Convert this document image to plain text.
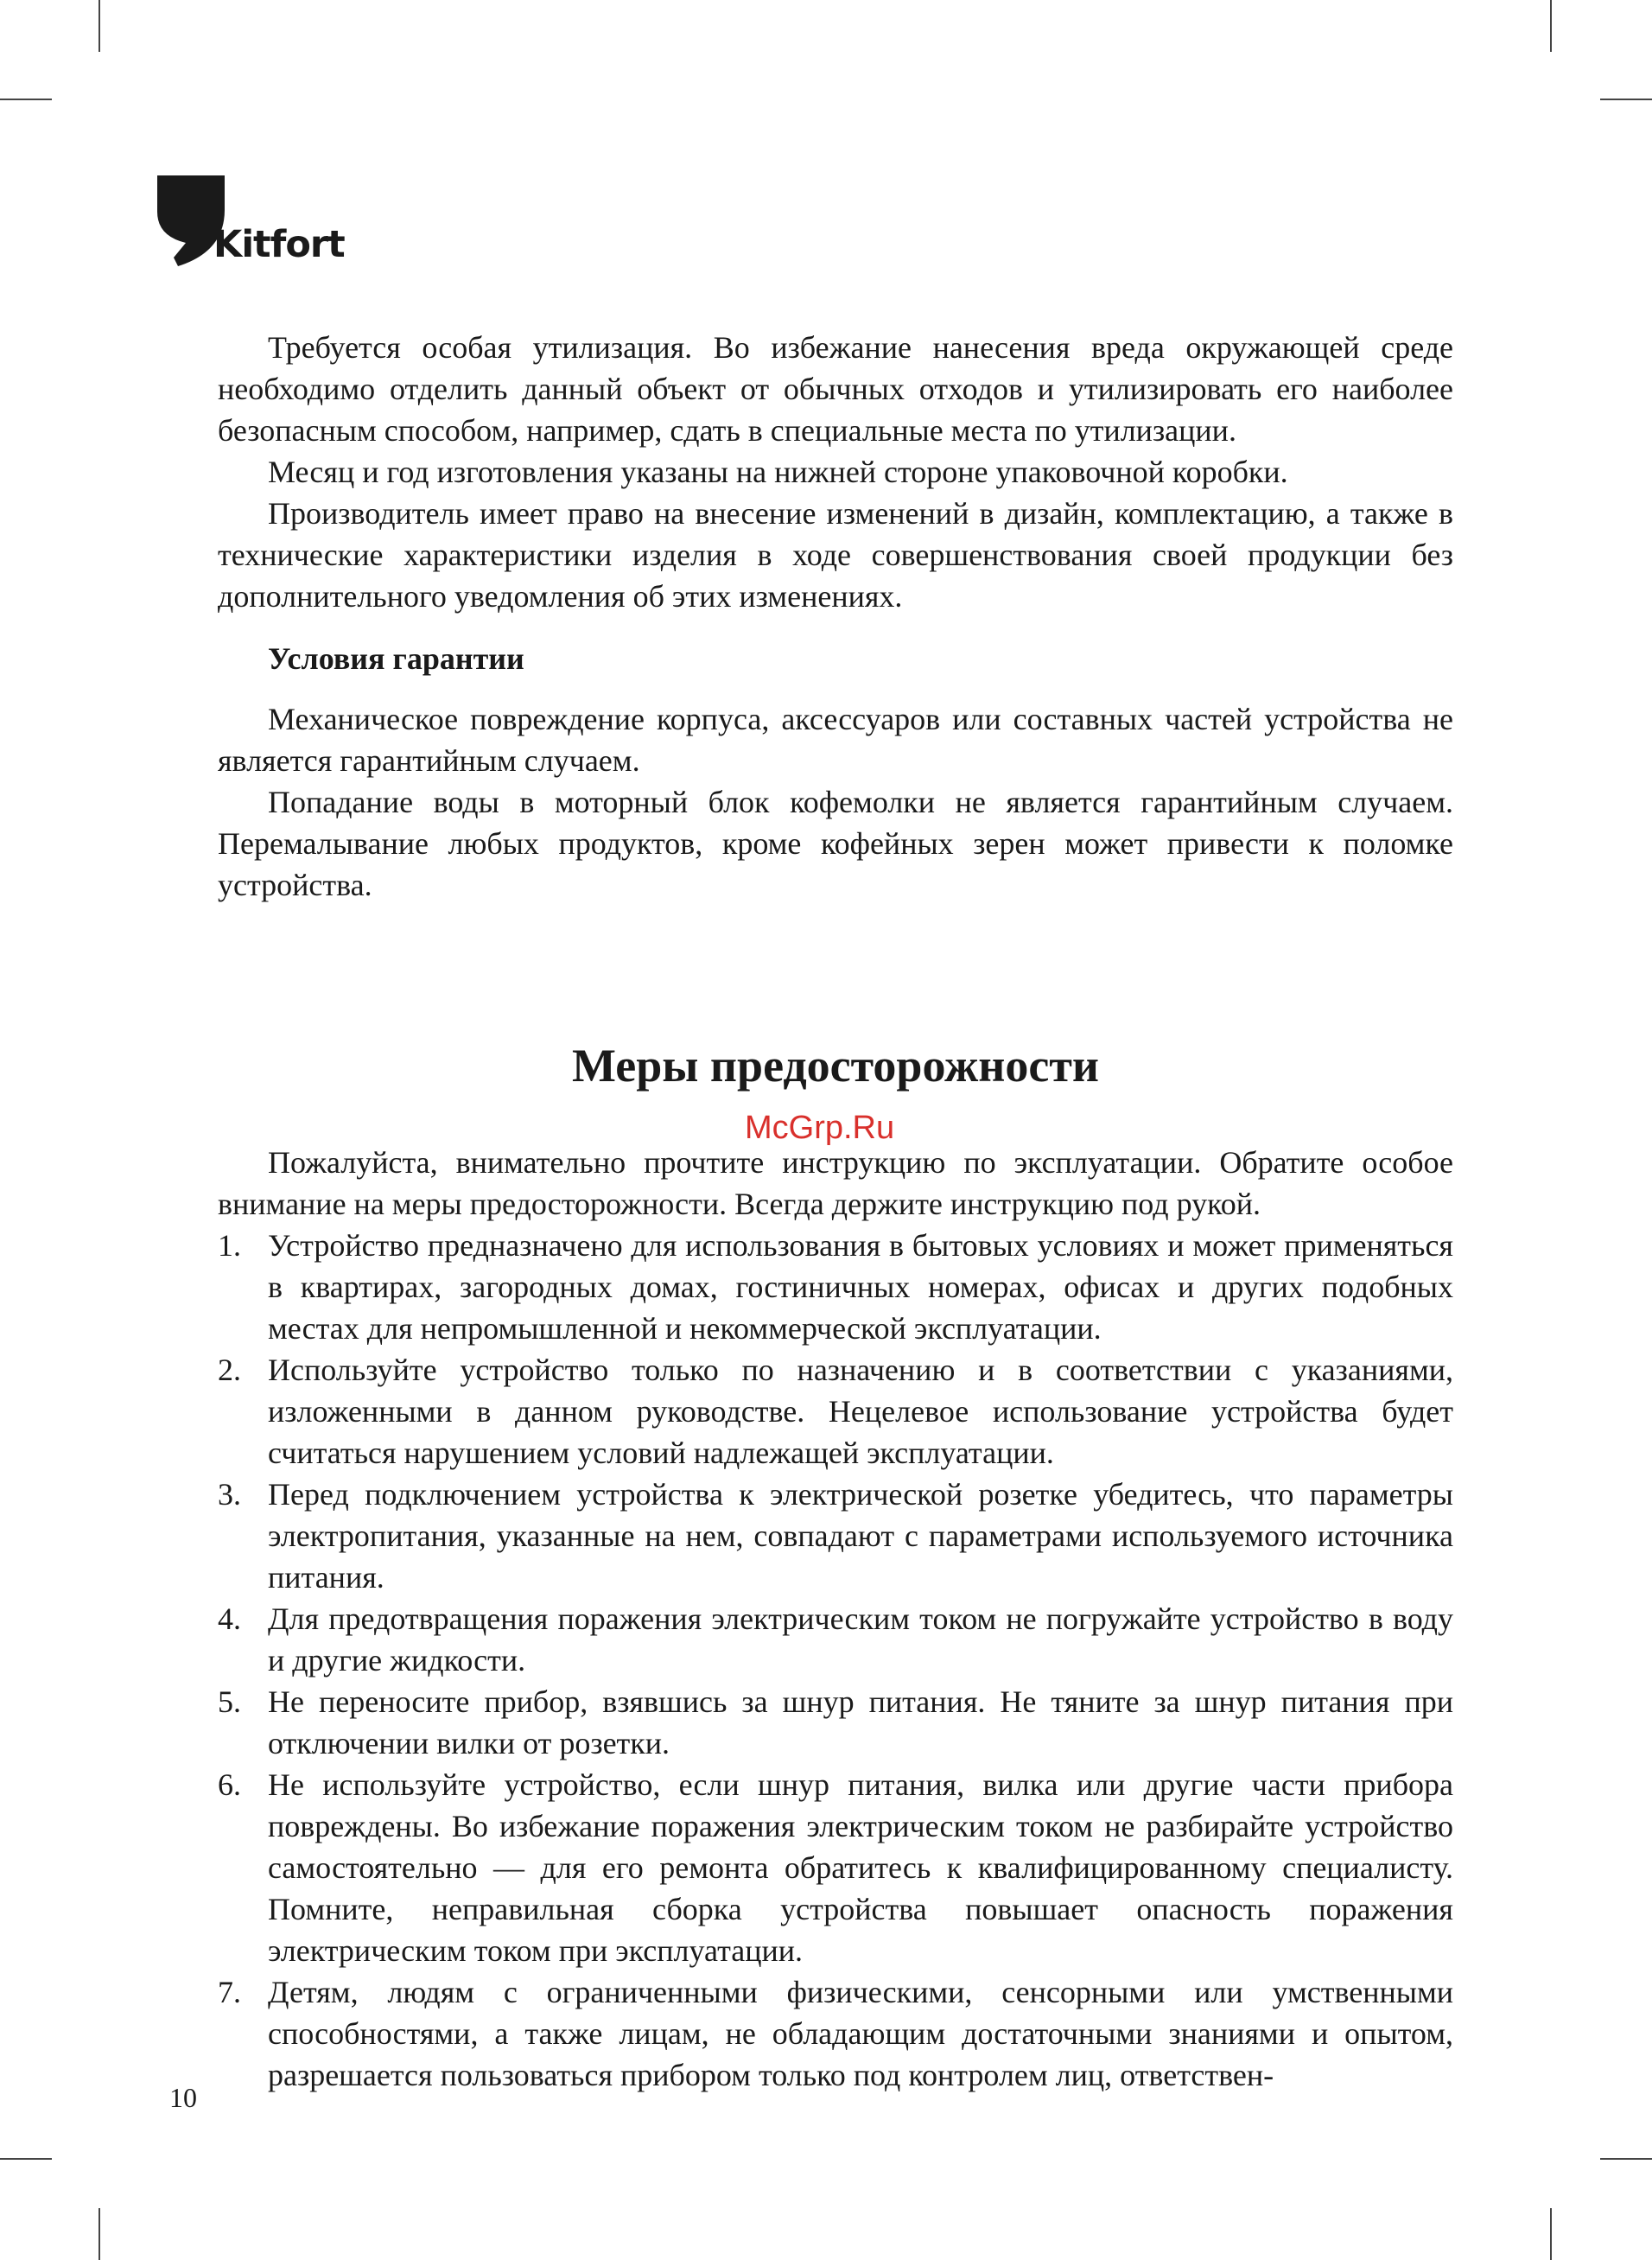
Kitfort

Требуется особая утилизация. Во избежание нанесения вреда окружающей среде необходимо отделить данный объект от обычных отходов и утилизировать его наиболее безопасным способом, например, сдать в специальные места по утилизации.

Месяц и год изготовления указаны на нижней стороне упаковочной коробки.

Производитель имеет право на внесение изменений в дизайн, комплектацию, а также в технические характеристики изделия в ходе совершенствования своей продукции без дополнительного уведомления об этих изменениях.

Условия гарантии

Механическое повреждение корпуса, аксессуаров или составных частей устройства не является гарантийным случаем.

Попадание воды в моторный блок кофемолки не является гарантийным случаем. Перемалывание любых продуктов, кроме кофейных зерен может привести к поломке устройства.

Меры предосторожности

Пожалуйста, внимательно прочтите инструкцию по эксплуатации. Обратите особое внимание на меры предосторожности. Всегда держите инструкцию под рукой.

1. Устройство предназначено для использования в бытовых условиях и может применяться в квартирах, загородных домах, гостиничных номерах, офисах и других подобных местах для непромышленной и некоммерческой эксплуатации.
2. Используйте устройство только по назначению и в соответствии с указаниями, изложенными в данном руководстве. Нецелевое использование устройства будет считаться нарушением условий надлежащей эксплуатации.
3. Перед подключением устройства к электрической розетке убедитесь, что параметры электропитания, указанные на нем, совпадают с параметрами используемого источника питания.
4. Для предотвращения поражения электрическим током не погружайте устройство в воду и другие жидкости.
5. Не переносите прибор, взявшись за шнур питания. Не тяните за шнур питания при отключении вилки от розетки.
6. Не используйте устройство, если шнур питания, вилка или другие части прибора повреждены. Во избежание поражения электрическим током не разбирайте устройство самостоятельно — для его ремонта обратитесь к квалифицированному специалисту. Помните, неправильная сборка устройства повышает опасность поражения электрическим током при эксплуатации.
7. Детям, людям с ограниченными физическими, сенсорными или умственными способностями, а также лицам, не обладающим достаточными знаниями и опытом, разрешается пользоваться прибором только под контролем лиц, ответствен-
McGrp.Ru
10
